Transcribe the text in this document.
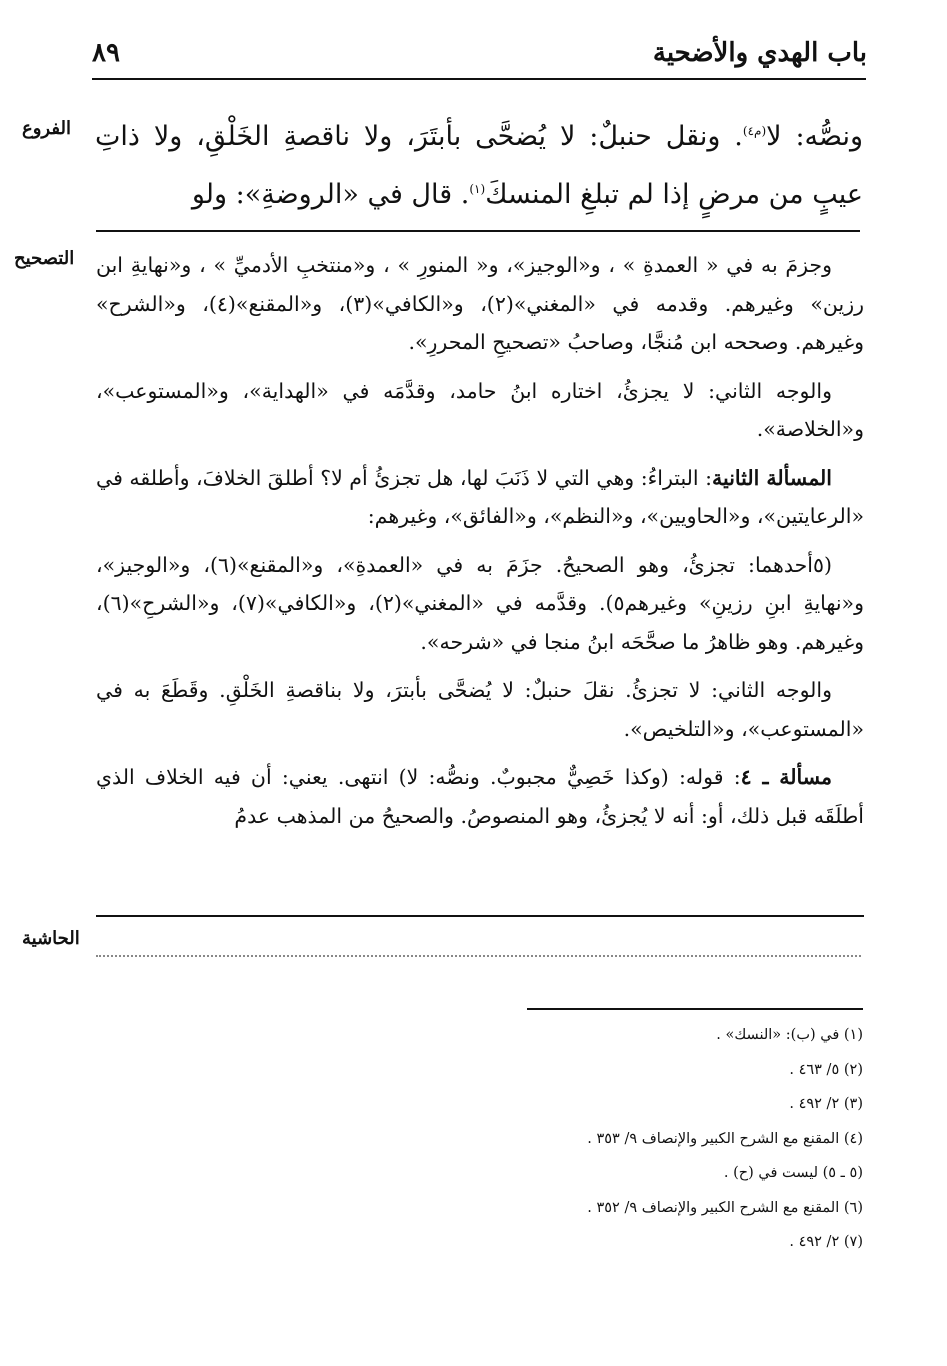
باب الهدي والأضحية
٨٩
الفروع	ونصُّه: لا$^{(م٤)}$. ونقل حنبلٌ: لا يُضحَّى بأبتَرَ، ولا ناقصةِ الخَلْقِ، ولا ذاتِ عيبٍ من مرضٍ إذا لم تبلغِ المنسكَ$^{(١)}$. قال في «الروضةِ»: ولو
التصحيح وجزمَ به في « العمدةِ » ، و«الوجيز»، و« المنورِ » ، و«منتخبِ الأدميِّ » ، و«نهايةِ ابن رزين» وغيرهم. وقدمه في «المغني»(٢)، و«الكافي»(٣)، و«المقنع»(٤)، و«الشرح» وغيرهم. وصححه ابن مُنجَّا، وصاحبُ «تصحيحِ المحررِ».

والوجه الثاني: لا يجزئُ، اختاره ابنُ حامد، وقدَّمَه في «الهداية»، و«المستوعب»، و«الخلاصة».

المسألة الثانية: البتراءُ: وهي التي لا ذَنَبَ لها، هل تجزئُ أم لا؟ أطلقَ الخلافَ، وأطلقه في «الرعايتين»، و«الحاويين»، و«النظم»، و«الفائق»، وغيرهم:

(٥أحدهما: تجزئُ، وهو الصحيحُ. جزَمَ به في «العمدةِ»، و«المقنع»(٦)، و«الوجيز»، و«نهايةِ ابنِ رزينِ» وغيرهم٥). وقدَّمه في «المغني»(٢)، و«الكافي»(٧)، و«الشرحِ»(٦)، وغيرهم. وهو ظاهرُ ما صحَّحَه ابنُ منجا في «شرحه».

والوجه الثاني: لا تجزئُ. نقلَ حنبلٌ: لا يُضحَّى بأبترَ، ولا بناقصةِ الخَلْقِ. وقَطَعَ به في «المستوعب»، و«التلخيص».

مسألة ـ ٤: قوله: (وكذا خَصِيٌّ مجبوبٌ. ونصُّه: لا) انتهى. يعني: أن فيه الخلاف الذي أطلَقَه قبل ذلك، أو: أنه لا يُجزئُ، وهو المنصوصُ. والصحيحُ من المذهب عدمُ

الحاشية
(١) في (ب): «النسك» .
(٢) ٥/ ٤٦٣ .
(٣) ٢/ ٤٩٢ .
(٤) المقنع مع الشرح الكبير والإنصاف ٩/ ٣٥٣ .
(٥ ـ ٥) ليست في (ح) .
(٦) المقنع مع الشرح الكبير والإنصاف ٩/ ٣٥٢ .
(٧) ٢/ ٤٩٢ .
